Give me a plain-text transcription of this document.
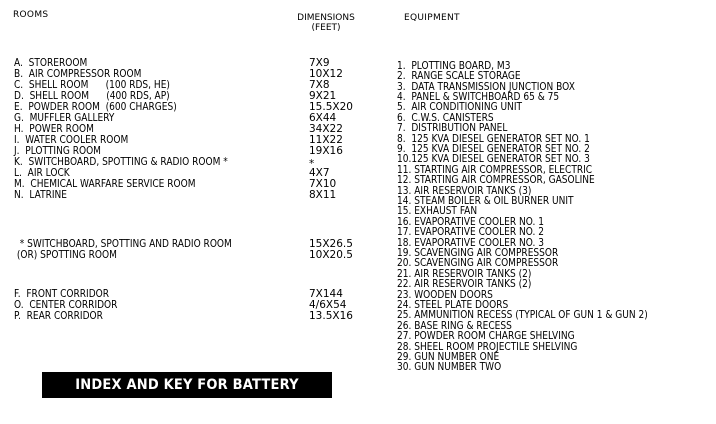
ROOMS	DIMENSIONS
(FEET)
EQUIPMENT
A.  STOREROOM
B.  AIR COMPRESSOR ROOM
C.  SHELL ROOM      (100 RDS, HE)
D.  SHELL ROOM      (400 RDS, AP)
E.  POWDER ROOM  (600 CHARGES)
G.  MUFFLER GALLERY
H.  POWER ROOM
I.  WATER COOLER ROOM
J.  PLOTTING ROOM
K.  SWITCHBOARD, SPOTTING & RADIO ROOM *
L.  AIR LOCK
M.  CHEMICAL WARFARE SERVICE ROOM
N.  LATRINE
7X9
10X12
7X8
9X21
15.5X20
6X44
34X22
11X22
19X16
*
4X7
7X10
8X11
* SWITCHBOARD, SPOTTING AND RADIO ROOM
(OR) SPOTTING ROOM
15X26.5
10X20.5
F.  FRONT CORRIDOR
O.  CENTER CORRIDOR
P.  REAR CORRIDOR
7X144
4/6X54
13.5X16
1.  PLOTTING BOARD, M3
2.  RANGE SCALE STORAGE
3.  DATA TRANSMISSION JUNCTION BOX
4.  PANEL & SWITCHBOARD 65 & 75
5.  AIR CONDITIONING UNIT
6.  C.W.S. CANISTERS
7.  DISTRIBUTION PANEL
8.  125 KVA DIESEL GENERATOR SET NO. 1
9.  125 KVA DIESEL GENERATOR SET NO. 2
10.125 KVA DIESEL GENERATOR SET NO. 3
11. STARTING AIR COMPRESSOR, ELECTRIC
12. STARTING AIR COMPRESSOR, GASOLINE
13. AIR RESERVOIR TANKS (3)
14. STEAM BOILER & OIL BURNER UNIT
15. EXHAUST FAN
16. EVAPORATIVE COOLER NO. 1
17. EVAPORATIVE COOLER NO. 2
18. EVAPORATIVE COOLER NO. 3
19. SCAVENGING AIR COMPRESSOR
20. SCAVENGING AIR COMPRESSOR
21. AIR RESERVOIR TANKS (2)
22. AIR RESERVOIR TANKS (2)
23. WOODEN DOORS
24. STEEL PLATE DOORS
25. AMMUNITION RECESS (TYPICAL OF GUN 1 & GUN 2)
26. BASE RING & RECESS
27. POWDER ROOM CHARGE SHELVING
28. SHEEL ROOM PROJECTILE SHELVING
29. GUN NUMBER ONE
30. GUN NUMBER TWO
INDEX AND KEY FOR BATTERY LAYOUT
